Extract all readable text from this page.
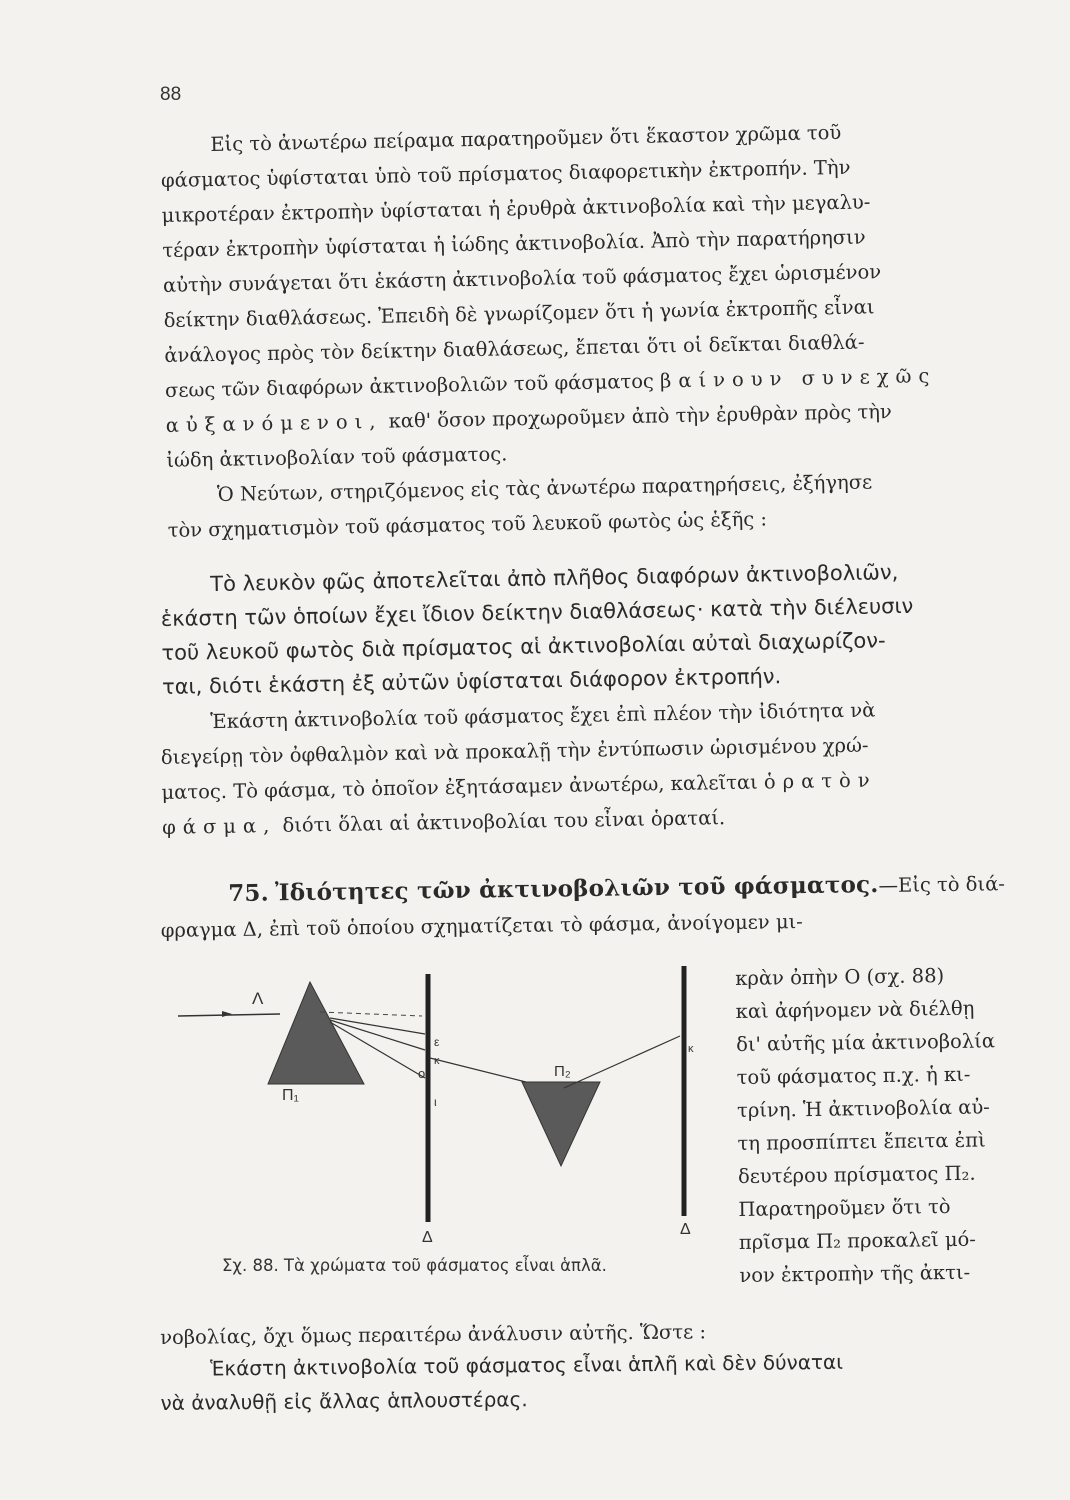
88
Εἰς τὸ ἀνωτέρω πείραμα παρατηροῦμεν ὅτι ἕκαστον χρῶμα τοῦ
φάσματος ὑφίσταται ὑπὸ τοῦ πρίσματος διαφορετικὴν ἐκτροπήν. Τὴν
μικροτέραν ἐκτροπὴν ὑφίσταται ἡ ἐρυθρὰ ἀκτινοβολία καὶ τὴν μεγαλυ-
τέραν ἐκτροπὴν ὑφίσταται ἡ ἰώδης ἀκτινοβολία. Ἀπὸ τὴν παρατήρησιν
αὐτὴν συνάγεται ὅτι ἑκάστη ἀκτινοβολία τοῦ φάσματος ἔχει ὡρισμένον
δείκτην διαθλάσεως. Ἐπειδὴ δὲ γνωρίζομεν ὅτι ἡ γωνία ἐκτροπῆς εἶναι
ἀνάλογος πρὸς τὸν δείκτην διαθλάσεως, ἔπεται ὅτι οἱ δεῖκται διαθλά-
σεως τῶν διαφόρων ἀκτινοβολιῶν τοῦ φάσματος βαίνουν συνεχῶς
αὐξανόμενοι, καθ' ὅσον προχωροῦμεν ἀπὸ τὴν ἐρυθρὰν πρὸς τὴν
ἰώδη ἀκτινοβολίαν τοῦ φάσματος.
Ὁ Νεύτων, στηριζόμενος εἰς τὰς ἀνωτέρω παρατηρήσεις, ἐξήγησε
τὸν σχηματισμὸν τοῦ φάσματος τοῦ λευκοῦ φωτὸς ὡς ἑξῆς :
Τὸ λευκὸν φῶς ἀποτελεῖται ἀπὸ πλῆθος διαφόρων ἀκτινοβολιῶν,
ἑκάστη τῶν ὁποίων ἔχει ἴδιον δείκτην διαθλάσεως· κατὰ τὴν διέλευσιν
τοῦ λευκοῦ φωτὸς διὰ πρίσματος αἱ ἀκτινοβολίαι αὐταὶ διαχωρίζον-
ται, διότι ἑκάστη ἐξ αὐτῶν ὑφίσταται διάφορον ἐκτροπήν.
Ἑκάστη ἀκτινοβολία τοῦ φάσματος ἔχει ἐπὶ πλέον τὴν ἰδιότητα νὰ
διεγείρῃ τὸν ὀφθαλμὸν καὶ νὰ προκαλῇ τὴν ἐντύπωσιν ὡρισμένου χρώ-
ματος. Τὸ φάσμα, τὸ ὁποῖον ἐξητάσαμεν ἀνωτέρω, καλεῖται ὁρατὸν
φάσμα, διότι ὅλαι αἱ ἀκτινοβολίαι του εἶναι ὁραταί.
75. Ἰδιότητες τῶν ἀκτινοβολιῶν τοῦ φάσματος.—Εἰς τὸ διά-
φραγμα Δ, ἐπὶ τοῦ ὁποίου σχηματίζεται τὸ φάσμα, ἀνοίγομεν μι-
κρὰν ὀπὴν Ο (σχ. 88)
καὶ ἀφήνομεν νὰ διέλθῃ
δι' αὐτῆς μία ἀκτινοβολία
τοῦ φάσματος π.χ. ἡ κι-
τρίνη. Ἡ ἀκτινοβολία αὐ-
τη προσπίπτει ἔπειτα ἐπὶ
δευτέρου πρίσματος Π₂.
Παρατηροῦμεν ὅτι τὸ
πρῖσμα Π₂ προκαλεῖ μό-
νον ἐκτροπὴν τῆς ἀκτι-
Λ
Π₁
ε
κ
ο
ι
Δ
Π₂
κ
Δ
Σχ. 88. Τὰ χρώματα τοῦ φάσματος εἶναι ἁπλᾶ.
νοβολίας, ὄχι ὅμως περαιτέρω ἀνάλυσιν αὐτῆς. Ὥστε :
Ἑκάστη ἀκτινοβολία τοῦ φάσματος εἶναι ἁπλῆ καὶ δὲν δύναται
νὰ ἀναλυθῇ εἰς ἄλλας ἁπλουστέρας.
